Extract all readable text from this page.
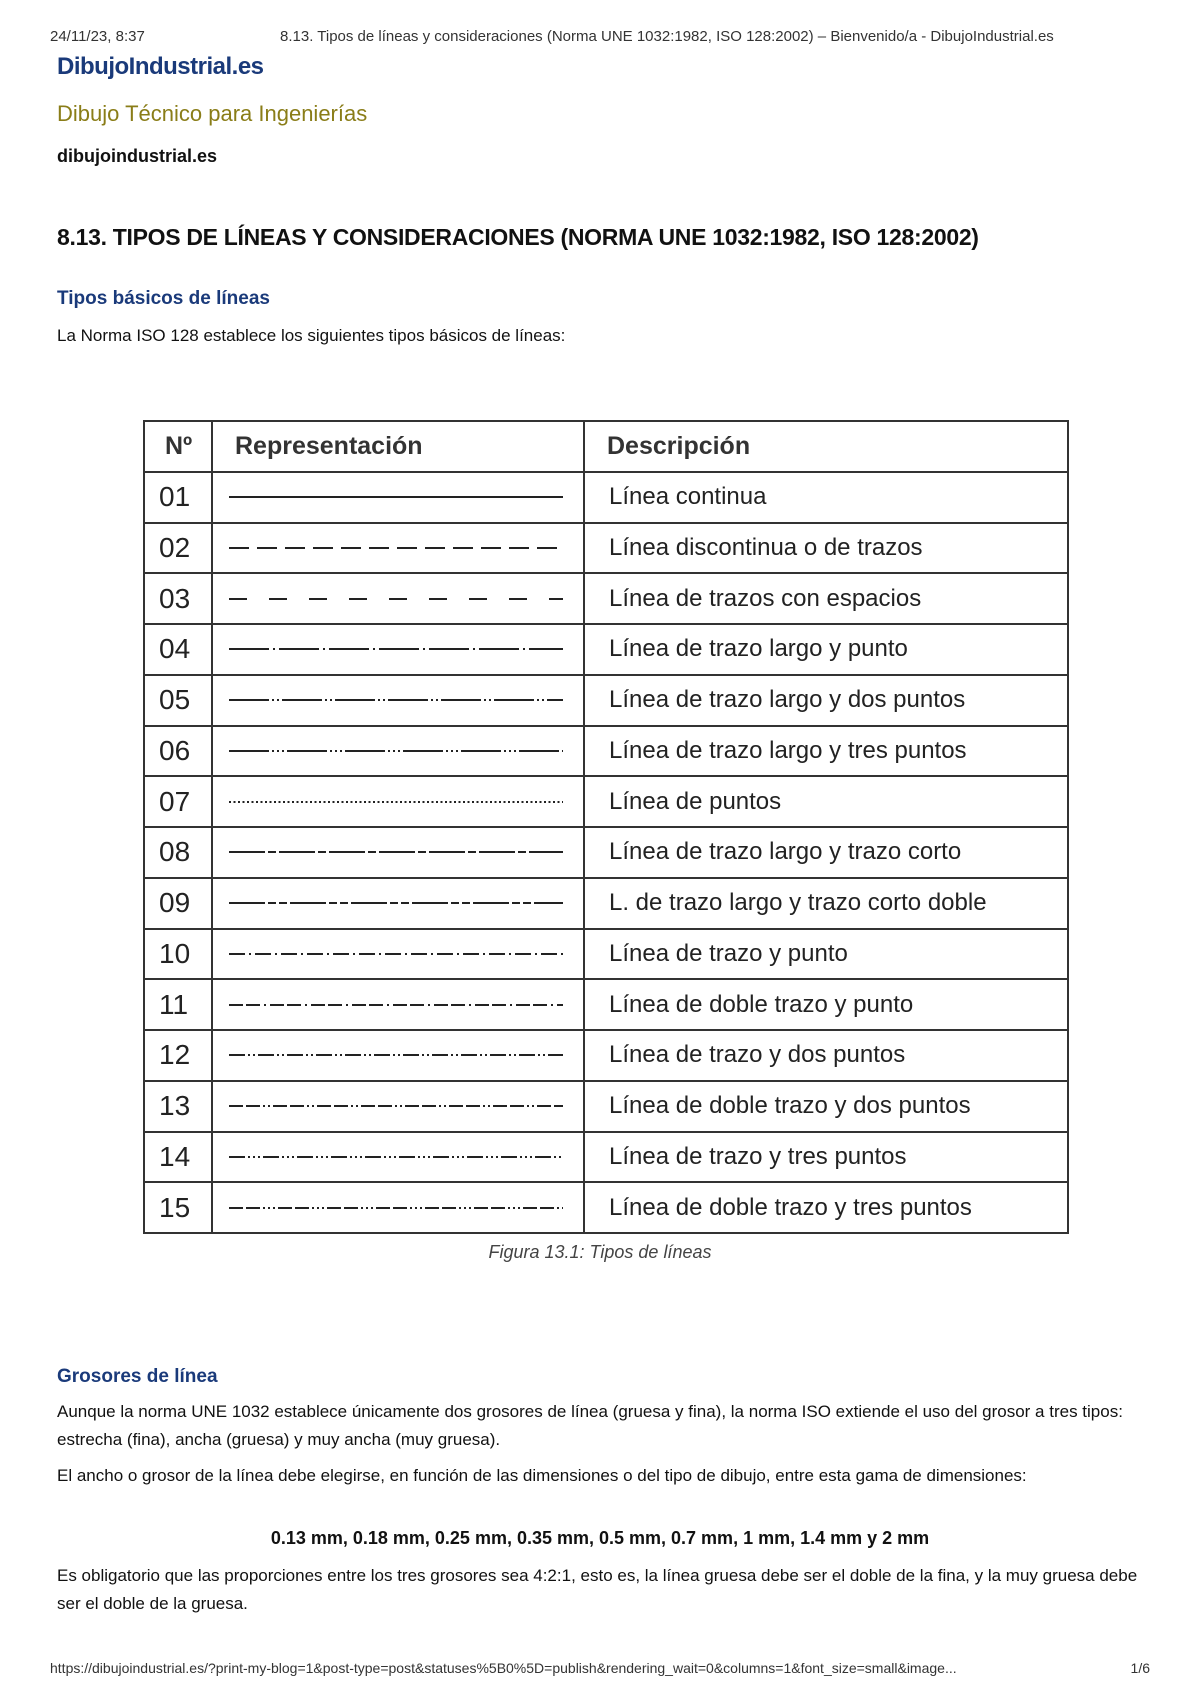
24/11/23, 8:37	8.13. Tipos de líneas y consideraciones (Norma UNE 1032:1982, ISO 128:2002) – Bienvenido/a - DibujoIndustrial.es
DibujoIndustrial.es
Dibujo Técnico para Ingenierías
dibujoindustrial.es
8.13. TIPOS DE LÍNEAS Y CONSIDERACIONES (NORMA UNE 1032:1982, ISO 128:2002)
Tipos básicos de líneas

La Norma ISO 128 establece los siguientes tipos básicos de líneas:

Nº	Representación	Descripción
01		Línea continua
02		Línea discontinua o de trazos
03		Línea de trazos con espacios
04		Línea de trazo largo y punto
05		Línea de trazo largo y dos puntos
06		Línea de trazo largo y tres puntos
07		Línea de puntos
08		Línea de trazo largo y trazo corto
09		L. de trazo largo y trazo corto doble
10		Línea de trazo y punto
11		Línea de doble trazo y punto
12		Línea de trazo y dos puntos
13		Línea de doble trazo y dos puntos
14		Línea de trazo y tres puntos
15		Línea de doble trazo y tres puntos
Figura 13.1: Tipos de líneas
Grosores de línea

Aunque la norma UNE 1032 establece únicamente dos grosores de línea (gruesa y fina), la norma ISO extiende el uso del grosor a tres tipos: estrecha (fina), ancha (gruesa) y muy ancha (muy gruesa).

El ancho o grosor de la línea debe elegirse, en función de las dimensiones o del tipo de dibujo, entre esta gama de dimensiones:

0.13 mm, 0.18 mm, 0.25 mm, 0.35 mm, 0.5 mm, 0.7 mm, 1 mm, 1.4 mm y 2 mm

Es obligatorio que las proporciones entre los tres grosores sea 4:2:1, esto es, la línea gruesa debe ser el doble de la fina, y la muy gruesa debe ser el doble de la gruesa.

https://dibujoindustrial.es/?print-my-blog=1&post-type=post&statuses%5B0%5D=publish&rendering_wait=0&columns=1&font_size=small&image...	1/6
